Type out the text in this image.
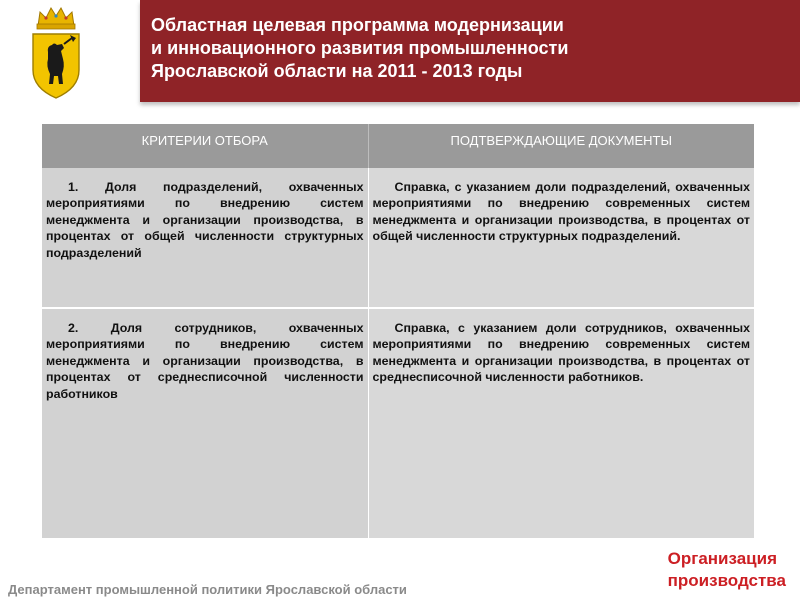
Областная целевая программа модернизации
и инновационного развития промышленности
Ярославской области на 2011 - 2013 годы
КРИТЕРИИ ОТБОРА	ПОДТВЕРЖДАЮЩИЕ ДОКУМЕНТЫ

1. Доля подразделений, охваченных мероприятиями по внедрению систем менеджмента и организации производства, в процентах от общей численности структурных подразделений	Справка, с указанием доли подразделений, охваченных мероприятиями по внедрению современных систем менеджмента и организации производства, в процентах от общей численности структурных подразделений.

2. Доля сотрудников, охваченных мероприятиями по внедрению систем менеджмента и организации производства, в процентах от среднесписочной численности работников	Справка, с указанием доли сотрудников, охваченных мероприятиями по внедрению современных систем менеджмента и организации производства, в процентах от среднесписочной численности работников.

Организация
производства
Департамент промышленной политики Ярославской области
